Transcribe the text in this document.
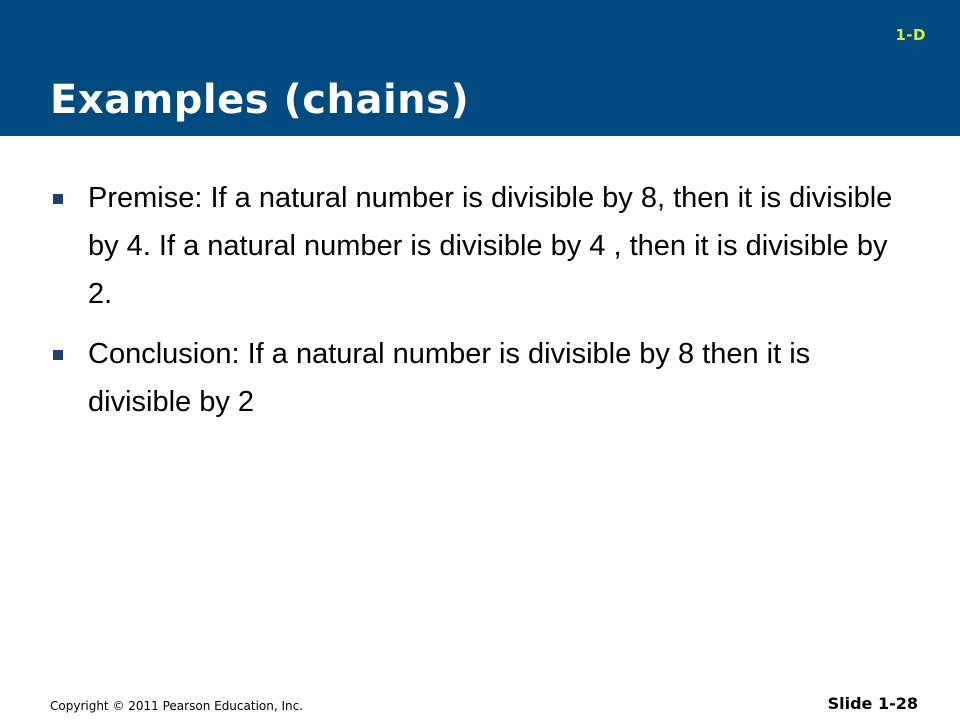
1-D
Examples (chains)
Premise: If a natural number is divisible by 8, then it is divisible by 4. If a natural number is divisible by 4 , then it is divisible by 2.
Conclusion: If a natural number is divisible by 8 then it is divisible by 2
Copyright © 2011 Pearson Education, Inc.	Slide 1-28
